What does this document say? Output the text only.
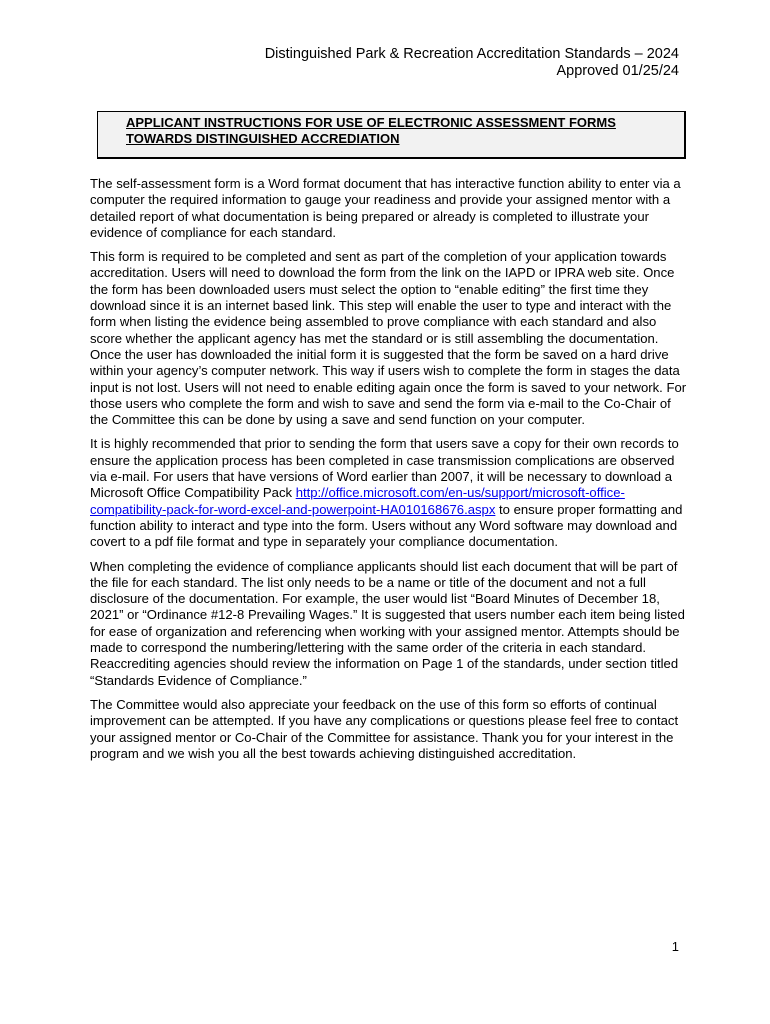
Distinguished Park & Recreation Accreditation Standards – 2024
Approved 01/25/24
APPLICANT INSTRUCTIONS FOR USE OF ELECTRONIC ASSESSMENT FORMS
TOWARDS DISTINGUISHED ACCREDIATION

The self-assessment form is a Word format document that has interactive function ability to enter via a computer the required information to gauge your readiness and provide your assigned mentor with a detailed report of what documentation is being prepared or already is completed to illustrate your evidence of compliance for each standard.

This form is required to be completed and sent as part of the completion of your application towards accreditation. Users will need to download the form from the link on the IAPD or IPRA web site. Once the form has been downloaded users must select the option to “enable editing” the first time they download since it is an internet based link. This step will enable the user to type and interact with the form when listing the evidence being assembled to prove compliance with each standard and also score whether the applicant agency has met the standard or is still assembling the documentation. Once the user has downloaded the initial form it is suggested that the form be saved on a hard drive within your agency’s computer network. This way if users wish to complete the form in stages the data input is not lost. Users will not need to enable editing again once the form is saved to your network. For those users who complete the form and wish to save and send the form via e-mail to the Co-Chair of the Committee this can be done by using a save and send function on your computer.

It is highly recommended that prior to sending the form that users save a copy for their own records to ensure the application process has been completed in case transmission complications are observed via e-mail. For users that have versions of Word earlier than 2007, it will be necessary to download a Microsoft Office Compatibility Pack http://office.microsoft.com/en-us/support/microsoft-office-compatibility-pack-for-word-excel-and-powerpoint-HA010168676.aspx to ensure proper formatting and function ability to interact and type into the form. Users without any Word software may download and covert to a pdf file format and type in separately your compliance documentation.

When completing the evidence of compliance applicants should list each document that will be part of the file for each standard. The list only needs to be a name or title of the document and not a full disclosure of the documentation. For example, the user would list “Board Minutes of December 18, 2021” or “Ordinance #12-8 Prevailing Wages.” It is suggested that users number each item being listed for ease of organization and referencing when working with your assigned mentor. Attempts should be made to correspond the numbering/lettering with the same order of the criteria in each standard. Reaccrediting agencies should review the information on Page 1 of the standards, under section titled “Standards Evidence of Compliance.”

The Committee would also appreciate your feedback on the use of this form so efforts of continual improvement can be attempted. If you have any complications or questions please feel free to contact your assigned mentor or Co-Chair of the Committee for assistance. Thank you for your interest in the program and we wish you all the best towards achieving distinguished accreditation.

1
